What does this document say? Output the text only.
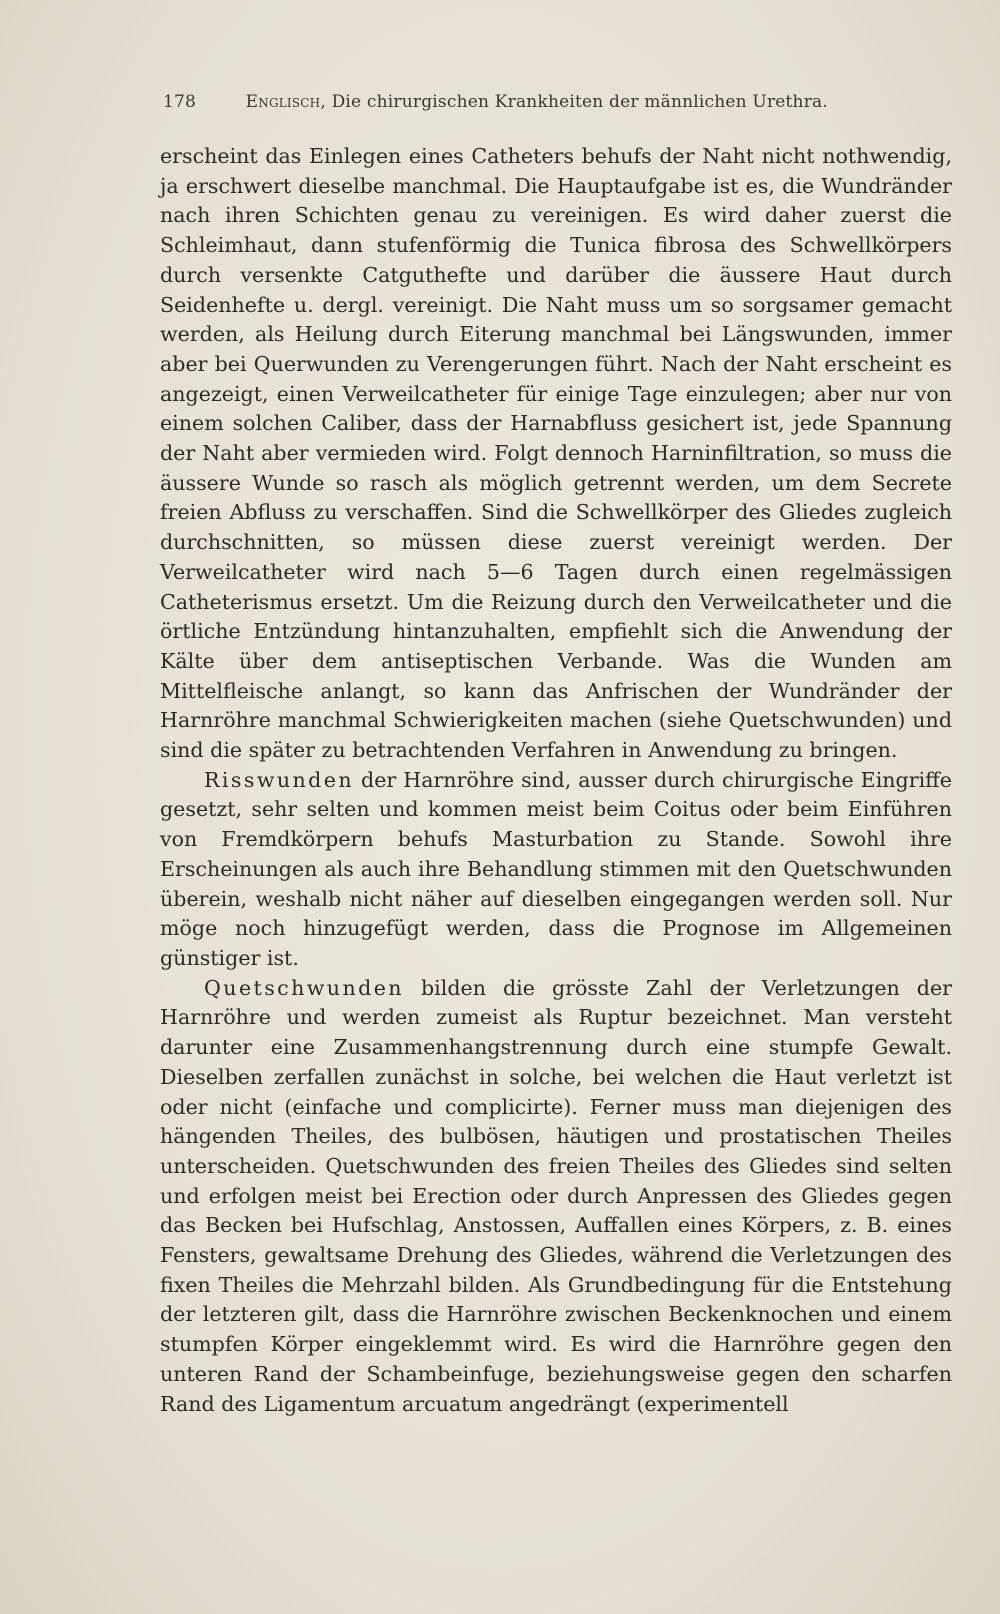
178	Englisch, Die chirurgischen Krankheiten der männlichen Urethra.

erscheint das Einlegen eines Catheters behufs der Naht nicht nothwendig, ja erschwert dieselbe manchmal. Die Hauptaufgabe ist es, die Wundränder nach ihren Schichten genau zu vereinigen. Es wird daher zuerst die Schleimhaut, dann stufenförmig die Tunica fibrosa des Schwellkörpers durch versenkte Catguthefte und darüber die äussere Haut durch Seidenhefte u. dergl. vereinigt. Die Naht muss um so sorgsamer gemacht werden, als Heilung durch Eiterung manchmal bei Längswunden, immer aber bei Querwunden zu Verengerungen führt. Nach der Naht erscheint es angezeigt, einen Verweilcatheter für einige Tage einzulegen; aber nur von einem solchen Caliber, dass der Harnabfluss gesichert ist, jede Spannung der Naht aber vermieden wird. Folgt dennoch Harninfiltration, so muss die äussere Wunde so rasch als möglich getrennt werden, um dem Secrete freien Abfluss zu verschaffen. Sind die Schwellkörper des Gliedes zugleich durchschnitten, so müssen diese zuerst vereinigt werden. Der Verweilcatheter wird nach 5—6 Tagen durch einen regelmässigen Catheterismus ersetzt. Um die Reizung durch den Verweilcatheter und die örtliche Entzündung hintanzuhalten, empfiehlt sich die Anwendung der Kälte über dem antiseptischen Verbande. Was die Wunden am Mittelfleische anlangt, so kann das Anfrischen der Wundränder der Harnröhre manchmal Schwierigkeiten machen (siehe Quetschwunden) und sind die später zu betrachtenden Verfahren in Anwendung zu bringen.

Risswunden der Harnröhre sind, ausser durch chirurgische Eingriffe gesetzt, sehr selten und kommen meist beim Coitus oder beim Einführen von Fremdkörpern behufs Masturbation zu Stande. Sowohl ihre Erscheinungen als auch ihre Behandlung stimmen mit den Quetschwunden überein, weshalb nicht näher auf dieselben eingegangen werden soll. Nur möge noch hinzugefügt werden, dass die Prognose im Allgemeinen günstiger ist.

Quetschwunden bilden die grösste Zahl der Verletzungen der Harnröhre und werden zumeist als Ruptur bezeichnet. Man versteht darunter eine Zusammenhangstrennung durch eine stumpfe Gewalt. Dieselben zerfallen zunächst in solche, bei welchen die Haut verletzt ist oder nicht (einfache und complicirte). Ferner muss man diejenigen des hängenden Theiles, des bulbösen, häutigen und prostatischen Theiles unterscheiden. Quetschwunden des freien Theiles des Gliedes sind selten und erfolgen meist bei Erection oder durch Anpressen des Gliedes gegen das Becken bei Hufschlag, Anstossen, Auffallen eines Körpers, z. B. eines Fensters, gewaltsame Drehung des Gliedes, während die Verletzungen des fixen Theiles die Mehrzahl bilden. Als Grundbedingung für die Entstehung der letzteren gilt, dass die Harnröhre zwischen Beckenknochen und einem stumpfen Körper eingeklemmt wird. Es wird die Harnröhre gegen den unteren Rand der Schambeinfuge, beziehungsweise gegen den scharfen Rand des Ligamentum arcuatum angedrängt (experimentell
